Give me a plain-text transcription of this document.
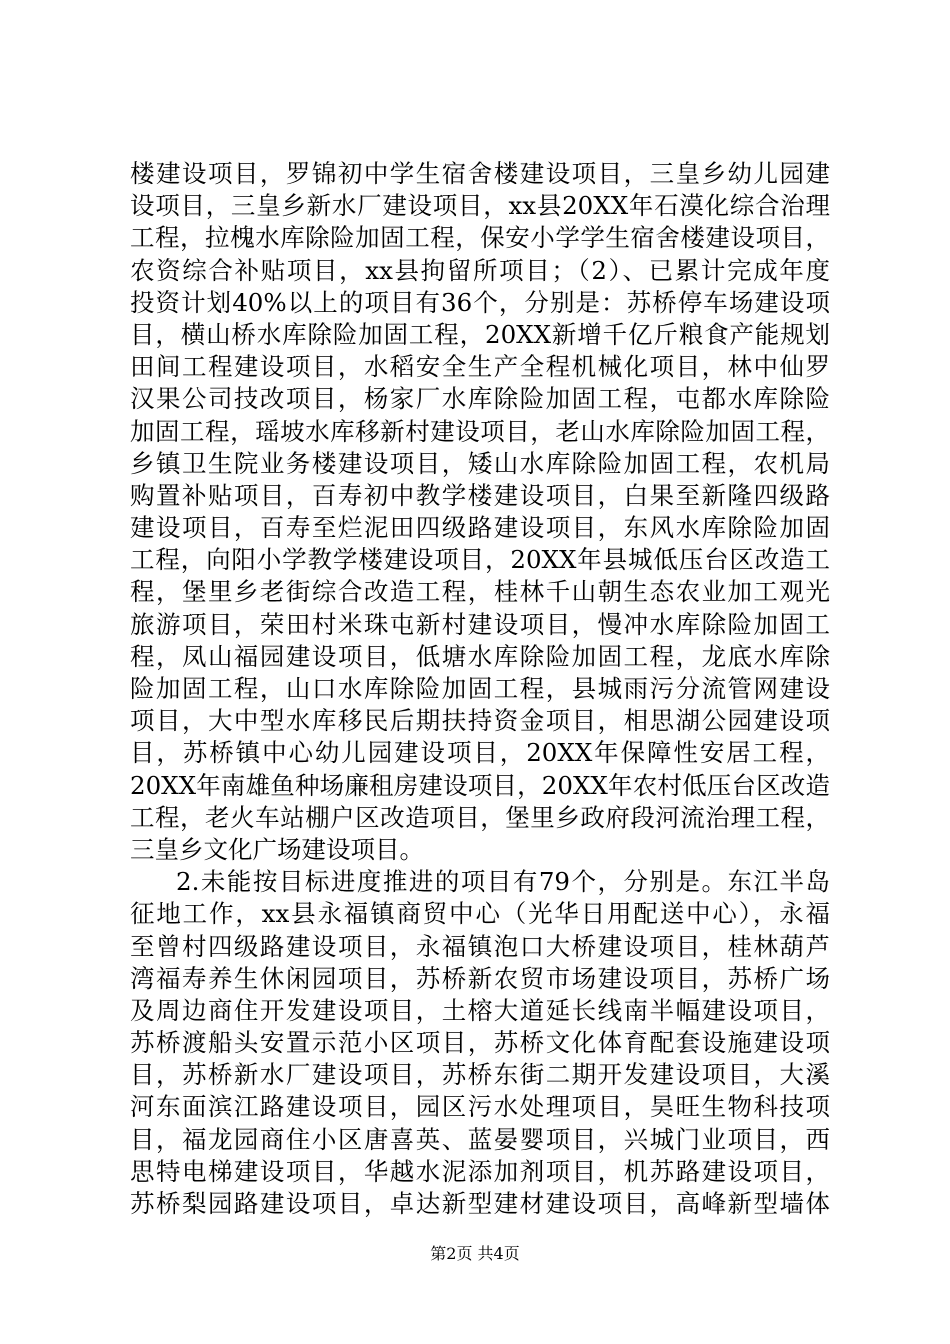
楼建设项目，罗锦初中学生宿舍楼建设项目，三皇乡幼儿园建
设项目，三皇乡新水厂建设项目，xx县20XX年石漠化综合治理
工程，拉槐水库除险加固工程，保安小学学生宿舍楼建设项目，
农资综合补贴项目，xx县拘留所项目；（2）、已累计完成年度
投资计划40%以上的项目有36个，分别是：苏桥停车场建设项
目，横山桥水库除险加固工程，20XX新增千亿斤粮食产能规划
田间工程建设项目，水稻安全生产全程机械化项目，林中仙罗
汉果公司技改项目，杨家厂水库除险加固工程，屯都水库除险
加固工程，瑶坡水库移新村建设项目，老山水库除险加固工程，
乡镇卫生院业务楼建设项目，矮山水库除险加固工程，农机局
购置补贴项目，百寿初中教学楼建设项目，白果至新隆四级路
建设项目，百寿至烂泥田四级路建设项目，东风水库除险加固
工程，向阳小学教学楼建设项目，20XX年县城低压台区改造工
程，堡里乡老街综合改造工程，桂林千山朝生态农业加工观光
旅游项目，荣田村米珠屯新村建设项目，慢冲水库除险加固工
程，凤山福园建设项目，低塘水库除险加固工程，龙底水库除
险加固工程，山口水库除险加固工程，县城雨污分流管网建设
项目，大中型水库移民后期扶持资金项目，相思湖公园建设项
目，苏桥镇中心幼儿园建设项目，20XX年保障性安居工程，
20XX年南雄鱼种场廉租房建设项目，20XX年农村低压台区改造
工程，老火车站棚户区改造项目，堡里乡政府段河流治理工程，
三皇乡文化广场建设项目。
2.未能按目标进度推进的项目有79个，分别是。东江半岛
征地工作，xx县永福镇商贸中心（光华日用配送中心），永福
至曾村四级路建设项目，永福镇泡口大桥建设项目，桂林葫芦
湾福寿养生休闲园项目，苏桥新农贸市场建设项目，苏桥广场
及周边商住开发建设项目，土榕大道延长线南半幅建设项目，
苏桥渡船头安置示范小区项目，苏桥文化体育配套设施建设项
目，苏桥新水厂建设项目，苏桥东街二期开发建设项目，大溪
河东面滨江路建设项目，园区污水处理项目，昊旺生物科技项
目，福龙园商住小区唐喜英、蓝晏婴项目，兴城门业项目，西
思特电梯建设项目，华越水泥添加剂项目，机苏路建设项目，
苏桥梨园路建设项目，卓达新型建材建设项目，高峰新型墙体
第2页 共4页
